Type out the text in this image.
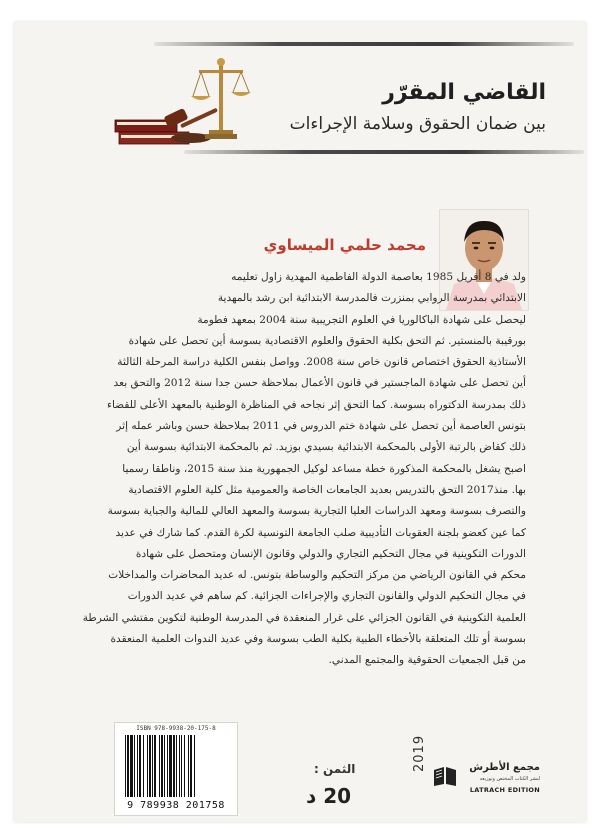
القاضي المقرّر
بين ضمان الحقوق وسلامة الإجراءات
محمد حلمي الميساوي
ولد في 8 أفريل 1985 بعاصمة الدولة الفاطمية المهدية زاول تعليمه
الابتدائي بمدرسة الروابي بمنزرت فالمدرسة الابتدائية ابن رشد بالمهدية
ليحصل على شهادة الباكالوريا في العلوم التجريبية سنة 2004 بمعهد فطومة
بورقيبة بالمنستير. ثم التحق بكلية الحقوق والعلوم الاقتصادية بسوسة أين تحصل على شهادة
الأستاذية الحقوق اختصاص قانون خاص سنة 2008. وواصل بنفس الكلية دراسة المرحلة الثالثة
أين تحصل على شهادة الماجستير في قانون الأعمال بملاحظة حسن جدا سنة 2012 والتحق بعد
ذلك بمدرسة الدكتوراه بسوسة. كما التحق إثر نجاحه في المناظرة الوطنية بالمعهد الأعلى للقضاء
بتونس العاصمة أين تحصل على شهادة ختم الدروس في 2011 بملاحظة حسن وباشر عمله إثر
ذلك كقاض بالرتبة الأولى بالمحكمة الابتدائية بسيدي بوزيد. ثم بالمحكمة الابتدائية بسوسة أين
اصبح يشغل بالمحكمة المذكورة خطة مساعد لوكيل الجمهورية منذ سنة 2015، وناطقا رسميا
بها. منذ2017 التحق بالتدريس بعديد الجامعات الخاصة والعمومية مثل كلية العلوم الاقتصادية
والتصرف بسوسة ومعهد الدراسات العليا التجارية بسوسة والمعهد العالي للمالية والجباية بسوسة
كما عين كعضو بلجنة العقوبات التأديبية صلب الجامعة التونسية لكرة القدم. كما شارك في عديد
الدورات التكوينية في مجال التحكيم التجاري والدولي وقانون الإنسان ومتحصل على شهادة
محكم في القانون الرياضي من مركز التحكيم والوساطة بتونس. له عديد المحاضرات والمداخلات
في مجال التحكيم الدولي والقانون التجاري والإجراءات الجزائية. كم ساهم في عديد الدورات
العلمية التكوينية في القانون الجزائي على غرار المنعقدة في المدرسة الوطنية لتكوين مفتشي الشرطة
بسوسة أو تلك المتعلقة بالأخطاء الطبية بكلية الطب بسوسة وفي عديد الندوات العلمية المنعقدة
من قبل الجمعيات الحقوقية والمجتمع المدني.
ISBN 978-9938-20-175-8
9 789938 201758
الثمن :
20 د
2019	مجمع الأطرش
لنشر الكتاب المختص وتوزيعه
LATRACH EDITION
